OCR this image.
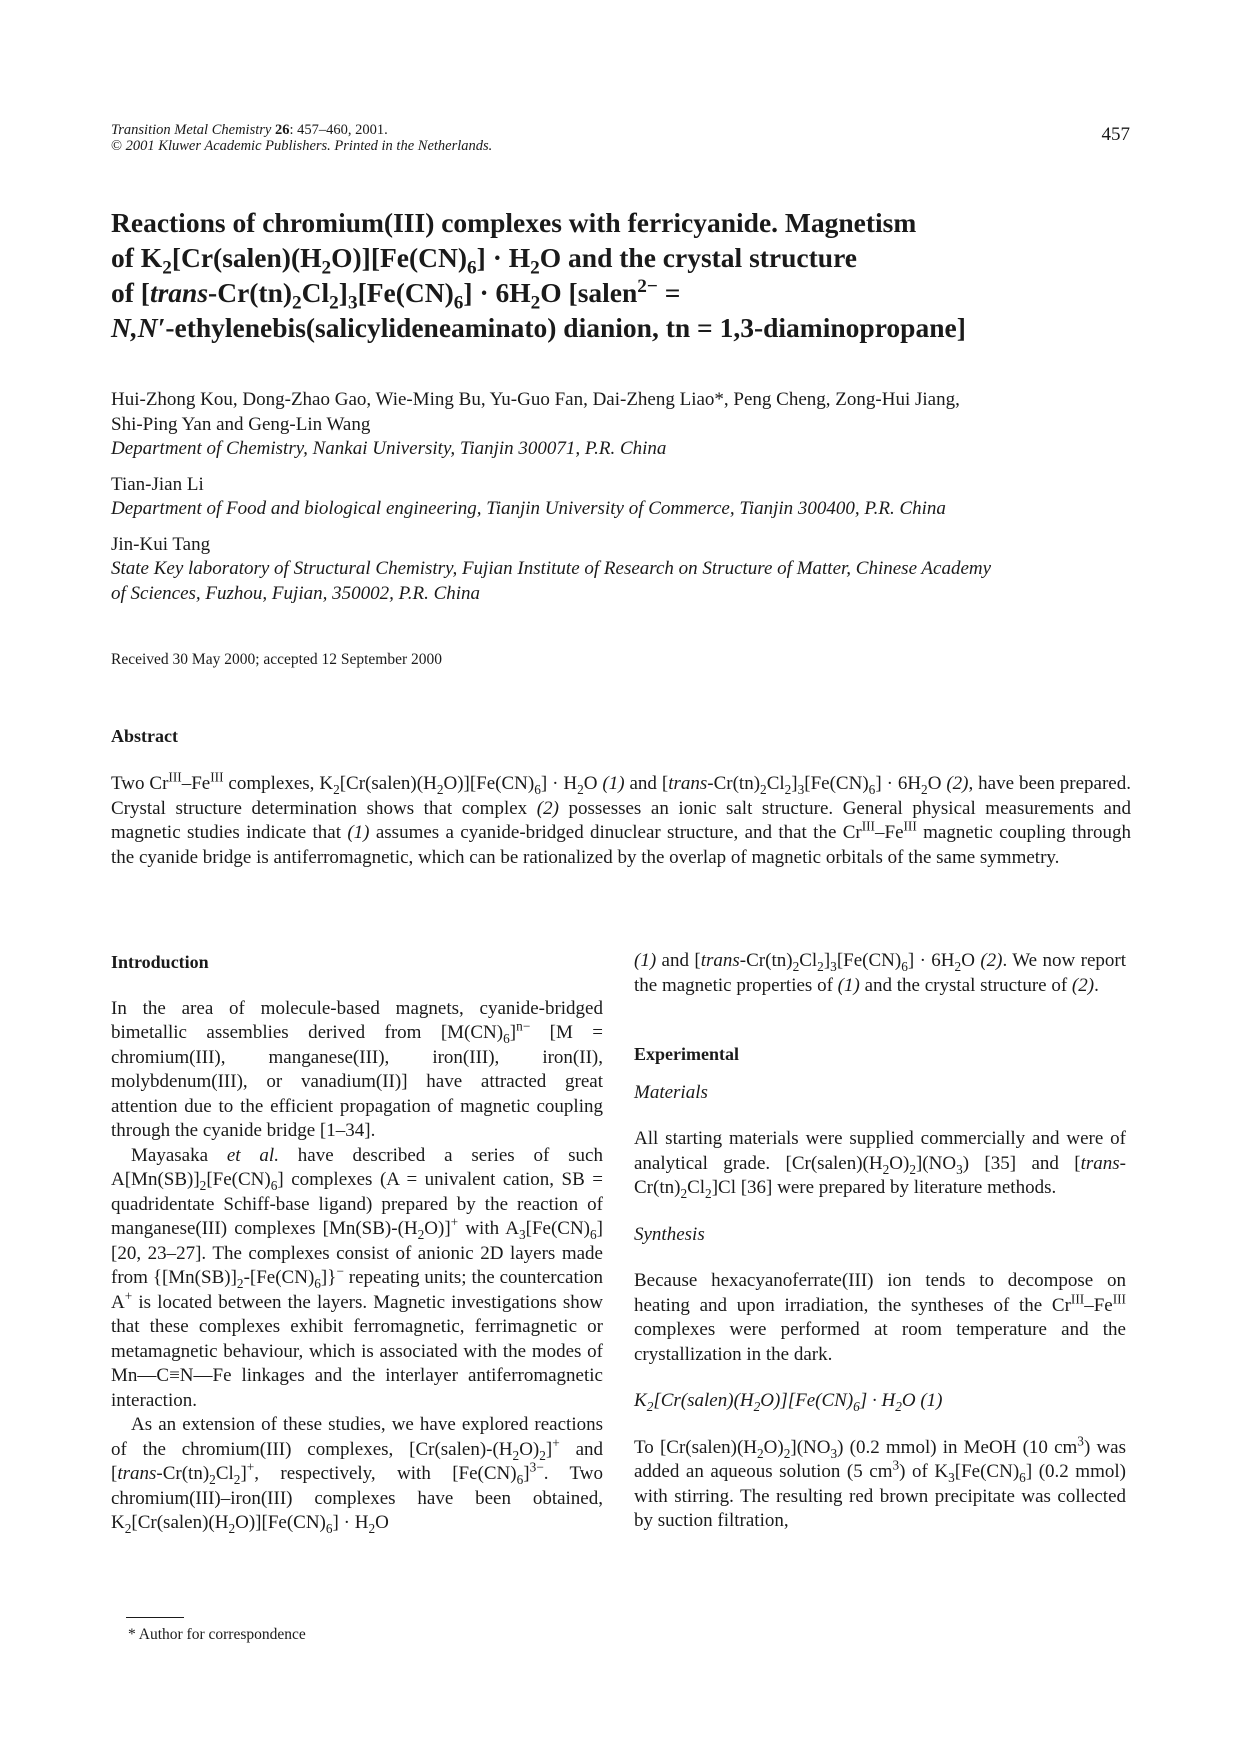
Transition Metal Chemistry 26: 457–460, 2001.
© 2001 Kluwer Academic Publishers. Printed in the Netherlands.
457
Reactions of chromium(III) complexes with ferricyanide. Magnetism
of $K_2[Cr(salen)(H_2O)][Fe(CN)_6] \cdot H_2O$ and the crystal structure
of $[trans-Cr(tn)_2Cl_2]_3[Fe(CN)_6] \cdot 6H_2O$ [salen$^{2-}$ =
N,N′-ethylenebis(salicylideneaminato) dianion, tn = 1,3-diaminopropane]
Hui-Zhong Kou, Dong-Zhao Gao, Wie-Ming Bu, Yu-Guo Fan, Dai-Zheng Liao*, Peng Cheng, Zong-Hui Jiang,
Shi-Ping Yan and Geng-Lin Wang
Department of Chemistry, Nankai University, Tianjin 300071, P.R. China
Tian-Jian Li
Department of Food and biological engineering, Tianjin University of Commerce, Tianjin 300400, P.R. China
Jin-Kui Tang
State Key laboratory of Structural Chemistry, Fujian Institute of Research on Structure of Matter, Chinese Academy
of Sciences, Fuzhou, Fujian, 350002, P.R. China
Received 30 May 2000; accepted 12 September 2000
Abstract
Two $Cr^{III}-Fe^{III}$ complexes, $K_2[Cr(salen)(H_2O)][Fe(CN)_6] \cdot H_2O$ (1) and $[trans-Cr(tn)_2Cl_2]_3[Fe(CN)_6] \cdot 6H_2O$ (2), have been prepared. Crystal structure determination shows that complex (2) possesses an ionic salt structure. General physical measurements and magnetic studies indicate that (1) assumes a cyanide-bridged dinuclear structure, and that the $Cr^{III}-Fe^{III}$ magnetic coupling through the cyanide bridge is antiferromagnetic, which can be rationalized by the overlap of magnetic orbitals of the same symmetry.
Introduction

In the area of molecule-based magnets, cyanide-bridged bimetallic assemblies derived from $[M(CN)_6]^{n-}$ [M = chromium(III), manganese(III), iron(III), iron(II), molybdenum(III), or vanadium(II)] have attracted great attention due to the efficient propagation of magnetic coupling through the cyanide bridge [1–34].

Mayasaka et al. have described a series of such $A[Mn(SB)]_2[Fe(CN)_6]$ complexes (A = univalent cation, SB = quadridentate Schiff-base ligand) prepared by the reaction of manganese(III) complexes $[Mn(SB)-(H_2O)]^+$ with $A_3[Fe(CN)_6]$ [20, 23–27]. The complexes consist of anionic 2D layers made from $\{[Mn(SB)]_2-[Fe(CN)_6]\}^-$ repeating units; the countercation A+ is located between the layers. Magnetic investigations show that these complexes exhibit ferromagnetic, ferrimagnetic or metamagnetic behaviour, which is associated with the modes of Mn—C≡N—Fe linkages and the interlayer antiferromagnetic interaction.

As an extension of these studies, we have explored reactions of the chromium(III) complexes, $[Cr(salen)-(H_2O)_2]^+$ and $[trans-Cr(tn)_2Cl_2]^+$, respectively, with $[Fe(CN)_6]^{3-}$. Two chromium(III)–iron(III) complexes have been obtained, $K_2[Cr(salen)(H_2O)][Fe(CN)_6] \cdot H_2O$

(1) and $[trans-Cr(tn)_2Cl_2]_3[Fe(CN)_6] \cdot 6H_2O$ (2). We now report the magnetic properties of (1) and the crystal structure of (2).

Experimental
Materials

All starting materials were supplied commercially and were of analytical grade. $[Cr(salen)(H_2O)_2](NO_3)$ [35] and $[trans-Cr(tn)_2Cl_2]Cl$ [36] were prepared by literature methods.

Synthesis

Because hexacyanoferrate(III) ion tends to decompose on heating and upon irradiation, the syntheses of the $Cr^{III}-Fe^{III}$ complexes were performed at room temperature and the crystallization in the dark.

$K_2[Cr(salen)(H_2O)][Fe(CN)_6] \cdot H_2O$ (1)

To $[Cr(salen)(H_2O)_2](NO_3)$ (0.2 mmol) in MeOH (10 $cm^3$) was added an aqueous solution (5 $cm^3$) of $K_3[Fe(CN)_6]$ (0.2 mmol) with stirring. The resulting red brown precipitate was collected by suction filtration,

* Author for correspondence
